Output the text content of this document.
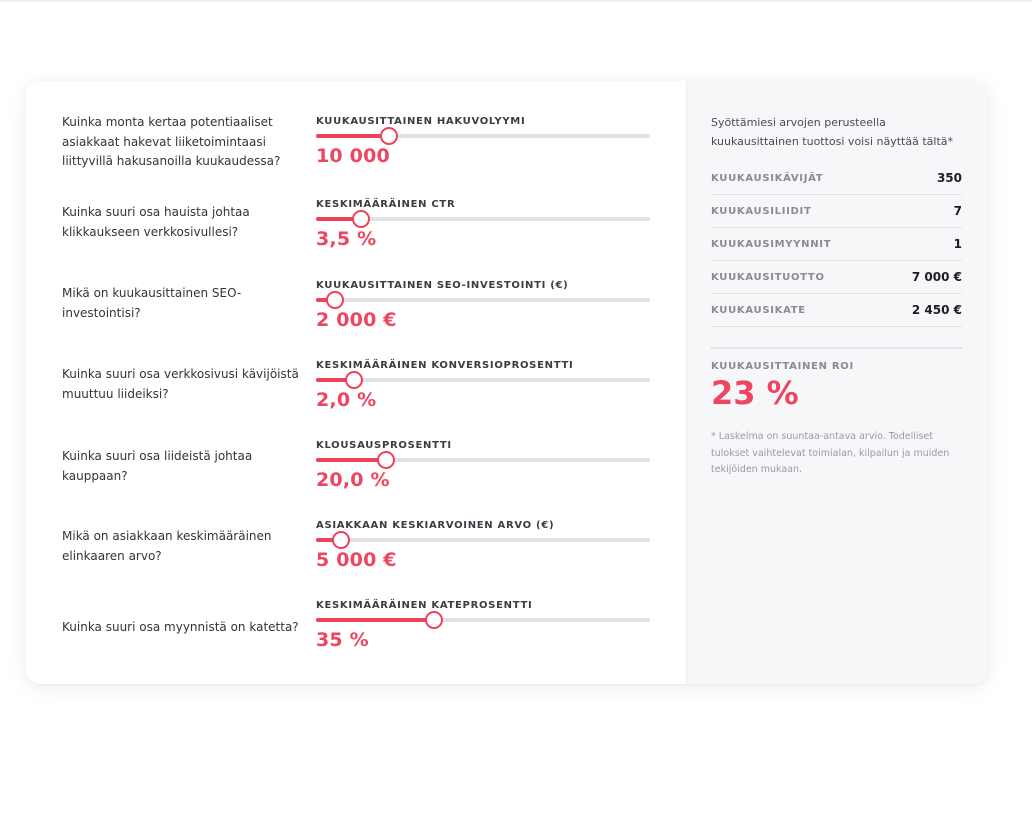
Kuinka monta kertaa potentiaaliset asiakkaat hakevat liiketoimintaasi liittyvillä hakusanoilla kuukaudessa?

KUUKAUSITTAINEN HAKUVOLYYMI
10 000

Kuinka suuri osa hauista johtaa klikkaukseen verkkosivullesi?

KESKIMÄÄRÄINEN CTR
3,5 %

Mikä on kuukausittainen SEO-investointisi?

KUUKAUSITTAINEN SEO-INVESTOINTI (€)
2 000 €

Kuinka suuri osa verkkosivusi kävijöistä muuttuu liideiksi?

KESKIMÄÄRÄINEN KONVERSIOPROSENTTI
2,0 %

Kuinka suuri osa liideistä johtaa kauppaan?

KLOUSAUSPROSENTTI
20,0 %

Mikä on asiakkaan keskimääräinen elinkaaren arvo?

ASIAKKAAN KESKIARVOINEN ARVO (€)
5 000 €

Kuinka suuri osa myynnistä on katetta?

KESKIMÄÄRÄINEN KATEPROSENTTI
35 %

Syöttämiesi arvojen perusteella kuukausittainen tuottosi voisi näyttää tältä*

KUUKAUSIKÄVIJÄT	350
KUUKAUSILIIDIT	7
KUUKAUSIMYYNNIT	1
KUUKAUSITUOTTO	7 000 €
KUUKAUSIKATE	2 450 €
KUUKAUSITTAINEN ROI
23 %

* Laskelma on suuntaa-antava arvio. Todelliset tulokset vaihtelevat toimialan, kilpailun ja muiden tekijöiden mukaan.
